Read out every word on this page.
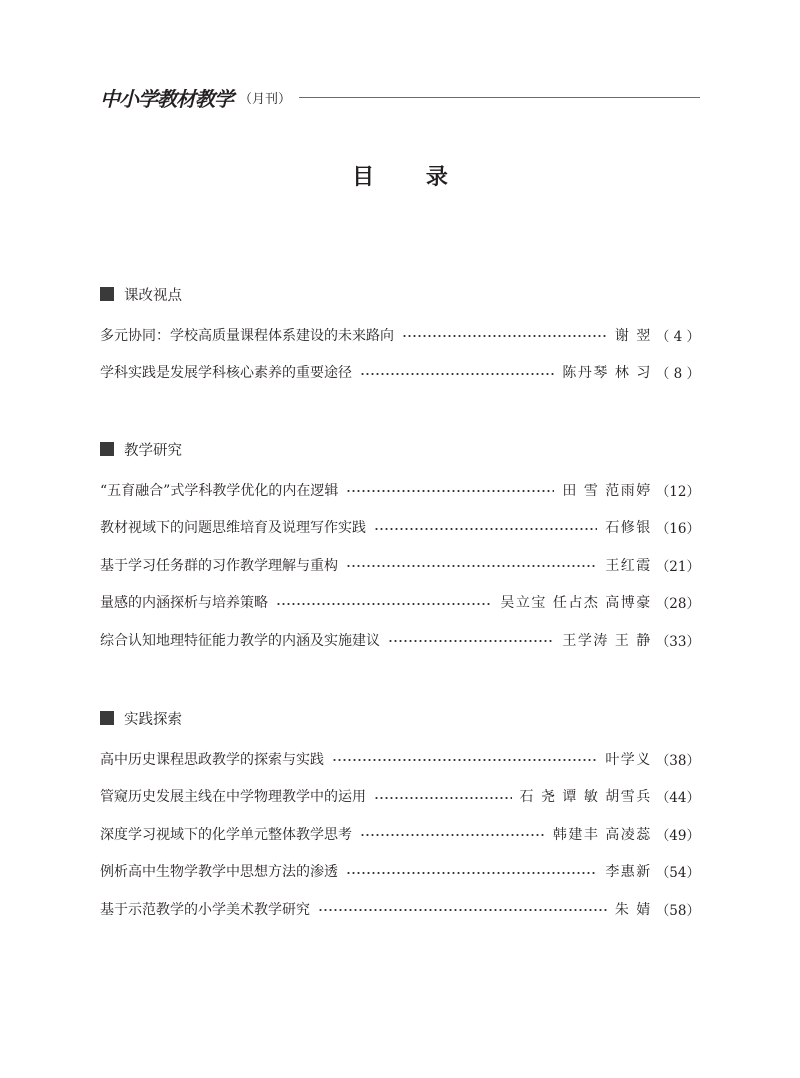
中小学教材教学 （月刊）
目 录
课改视点
多元协同：学校高质量课程体系建设的未来路向	谢 翌 （ 4 ）
学科实践是发展学科核心素养的重要途径	陈丹琴 林 习 （ 8 ）
教学研究
“五育融合”式学科教学优化的内在逻辑	田 雪 范雨婷 （12）
教材视域下的问题思维培育及说理写作实践	石修银 （16）
基于学习任务群的习作教学理解与重构	王红霞 （21）
量感的内涵探析与培养策略	吴立宝 任占杰 高博豪 （28）
综合认知地理特征能力教学的内涵及实施建议	王学涛 王 静 （33）
实践探索
高中历史课程思政教学的探索与实践	叶学义 （38）
管窥历史发展主线在中学物理教学中的运用	石 尧 谭 敏 胡雪兵 （44）
深度学习视域下的化学单元整体教学思考	韩建丰 高凌蕊 （49）
例析高中生物学教学中思想方法的渗透	李惠新 （54）
基于示范教学的小学美术教学研究	朱 婧 （58）
